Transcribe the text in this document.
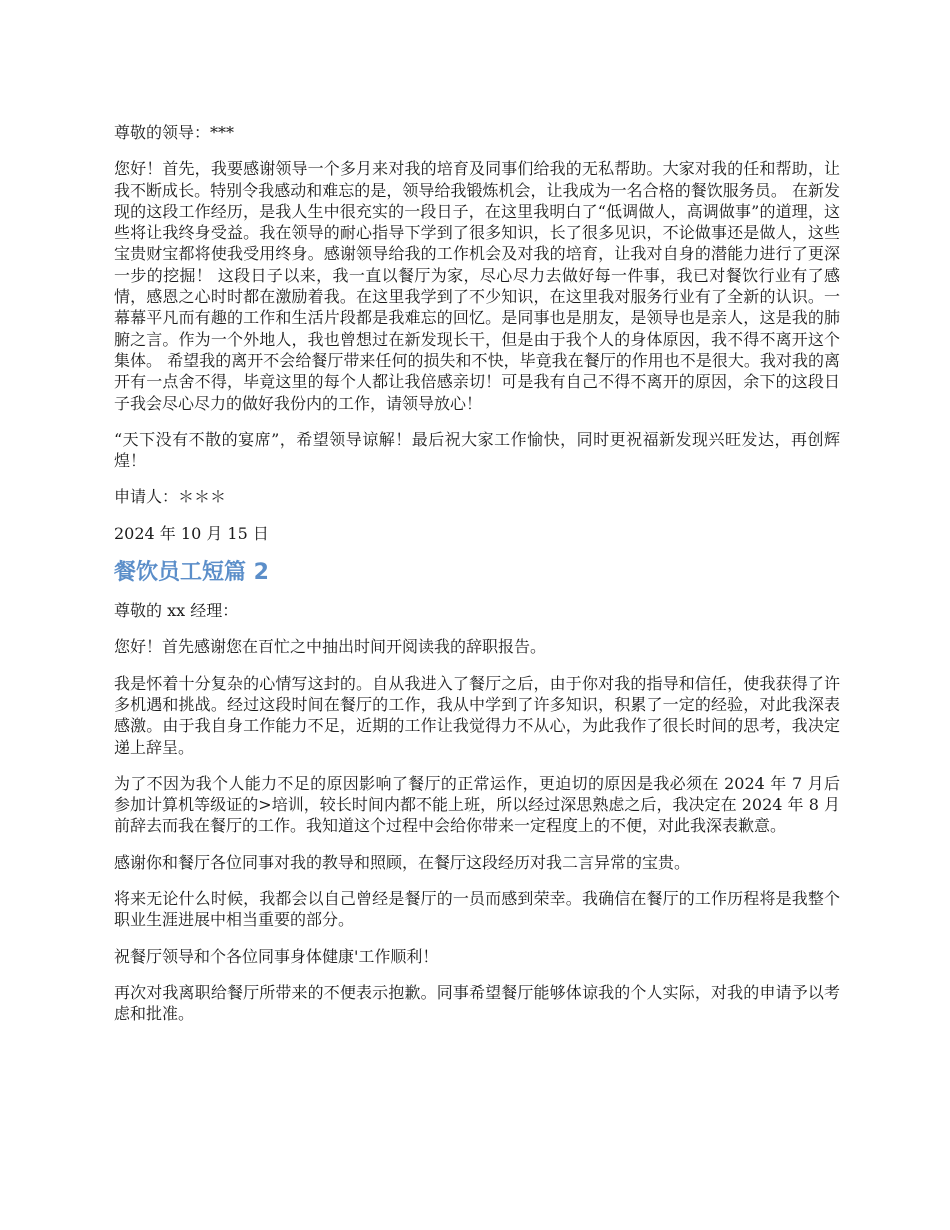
尊敬的领导：***

您好！首先，我要感谢领导一个多月来对我的培育及同事们给我的无私帮助。大家对我的任和帮助，让我不断成长。特别令我感动和难忘的是，领导给我锻炼机会，让我成为一名合格的餐饮服务员。 在新发现的这段工作经历，是我人生中很充实的一段日子，在这里我明白了“低调做人，高调做事”的道理，这些将让我终身受益。我在领导的耐心指导下学到了很多知识，长了很多见识，不论做事还是做人，这些宝贵财宝都将使我受用终身。感谢领导给我的工作机会及对我的培育，让我对自身的潜能力进行了更深一步的挖掘！ 这段日子以来，我一直以餐厅为家，尽心尽力去做好每一件事，我已对餐饮行业有了感情，感恩之心时时都在激励着我。在这里我学到了不少知识，在这里我对服务行业有了全新的认识。一幕幕平凡而有趣的工作和生活片段都是我难忘的回忆。是同事也是朋友，是领导也是亲人，这是我的肺腑之言。作为一个外地人，我也曾想过在新发现长干，但是由于我个人的身体原因，我不得不离开这个集体。 希望我的离开不会给餐厅带来任何的损失和不快，毕竟我在餐厅的作用也不是很大。我对我的离开有一点舍不得，毕竟这里的每个人都让我倍感亲切！可是我有自己不得不离开的原因，余下的这段日子我会尽心尽力的做好我份内的工作，请领导放心！

“天下没有不散的宴席”，希望领导谅解！最后祝大家工作愉快，同时更祝福新发现兴旺发达，再创辉煌！

申请人：＊＊＊

2024 年 10 月 15 日

餐饮员工短篇 2

尊敬的 xx 经理：

您好！首先感谢您在百忙之中抽出时间开阅读我的辞职报告。

我是怀着十分复杂的心情写这封的。自从我进入了餐厅之后，由于你对我的指导和信任，使我获得了许多机遇和挑战。经过这段时间在餐厅的工作，我从中学到了许多知识，积累了一定的经验，对此我深表感激。由于我自身工作能力不足，近期的工作让我觉得力不从心，为此我作了很长时间的思考，我决定递上辞呈。

为了不因为我个人能力不足的原因影响了餐厅的正常运作，更迫切的原因是我必须在 2024 年 7 月后参加计算机等级证的>培训，较长时间内都不能上班，所以经过深思熟虑之后，我决定在 2024 年 8 月前辞去而我在餐厅的工作。我知道这个过程中会给你带来一定程度上的不便，对此我深表歉意。

感谢你和餐厅各位同事对我的教导和照顾，在餐厅这段经历对我二言异常的宝贵。

将来无论什么时候，我都会以自己曾经是餐厅的一员而感到荣幸。我确信在餐厅的工作历程将是我整个职业生涯进展中相当重要的部分。

祝餐厅领导和个各位同事身体健康'工作顺利！

再次对我离职给餐厅所带来的不便表示抱歉。同事希望餐厅能够体谅我的个人实际，对我的申请予以考虑和批准。
